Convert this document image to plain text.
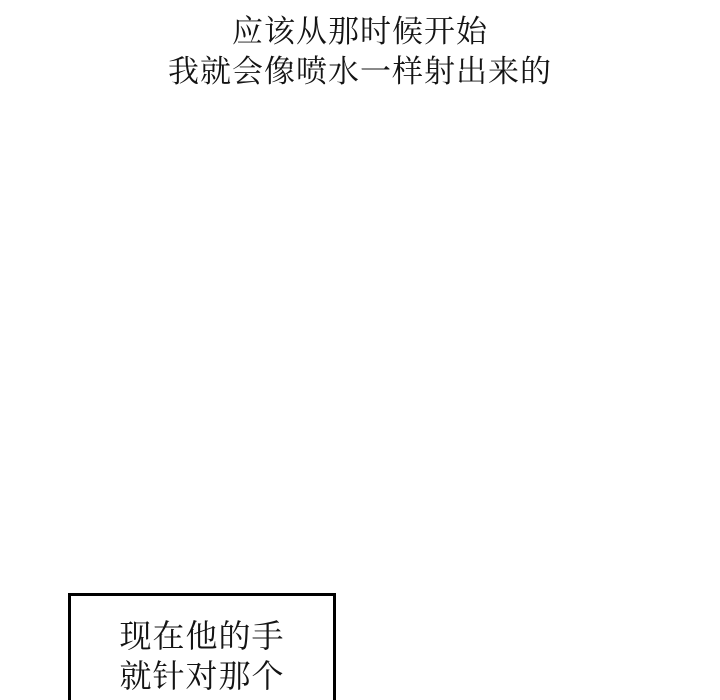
应该从那时候开始
我就会像喷水一样射出来的
现在他的手
就针对那个
